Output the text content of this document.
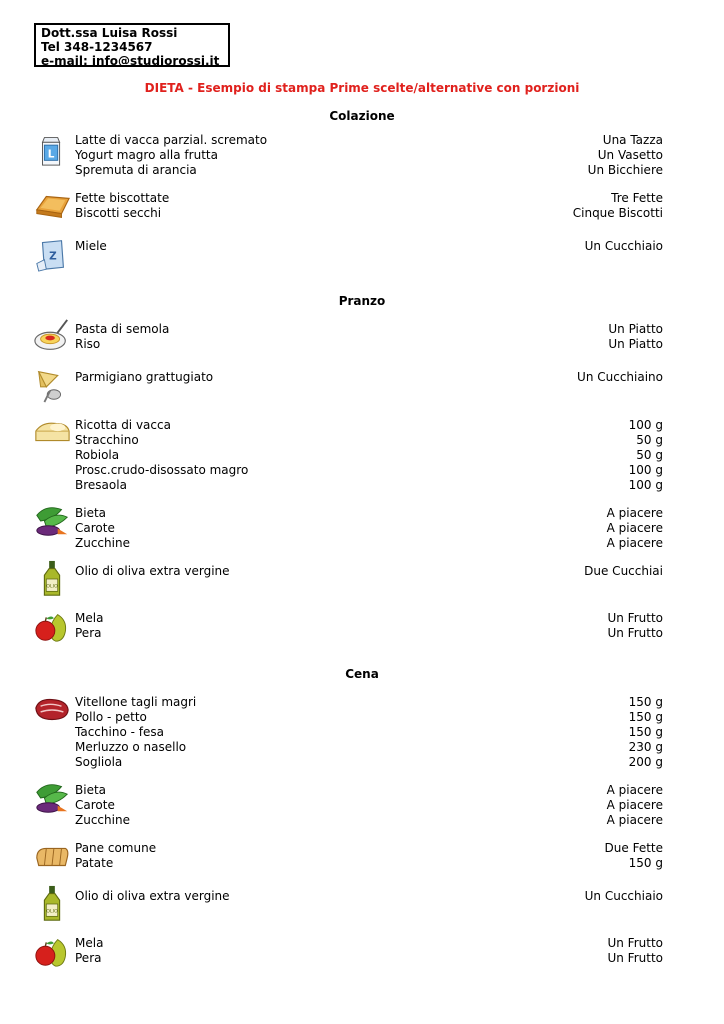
Dott.ssa Luisa Rossi
Tel 348-1234567
e-mail: info@studiorossi.it
DIETA - Esempio di stampa Prime scelte/alternative con porzioni
Colazione
L
Latte di vacca parzial. scremato	Una Tazza
Yogurt magro alla frutta	Un Vasetto
Spremuta di arancia	Un Bicchiere
Fette biscottate	Tre Fette
Biscotti secchi	Cinque Biscotti
Z
Miele	Un Cucchiaio
Pranzo
Pasta di semola	Un Piatto
Riso	Un Piatto
Parmigiano grattugiato	Un Cucchiaino
Ricotta di vacca	100 g
Stracchino	50 g
Robiola	50 g
Prosc.crudo-disossato magro	100 g
Bresaola	100 g
Bieta	A piacere
Carote	A piacere
Zucchine	A piacere
OLIO
Olio di oliva extra vergine	Due Cucchiai
Mela	Un Frutto
Pera	Un Frutto
Cena
Vitellone tagli magri	150 g
Pollo - petto	150 g
Tacchino - fesa	150 g
Merluzzo o nasello	230 g
Sogliola	200 g
Bieta	A piacere
Carote	A piacere
Zucchine	A piacere
Pane comune	Due Fette
Patate	150 g
OLIO
Olio di oliva extra vergine	Un Cucchiaio
Mela	Un Frutto
Pera	Un Frutto
